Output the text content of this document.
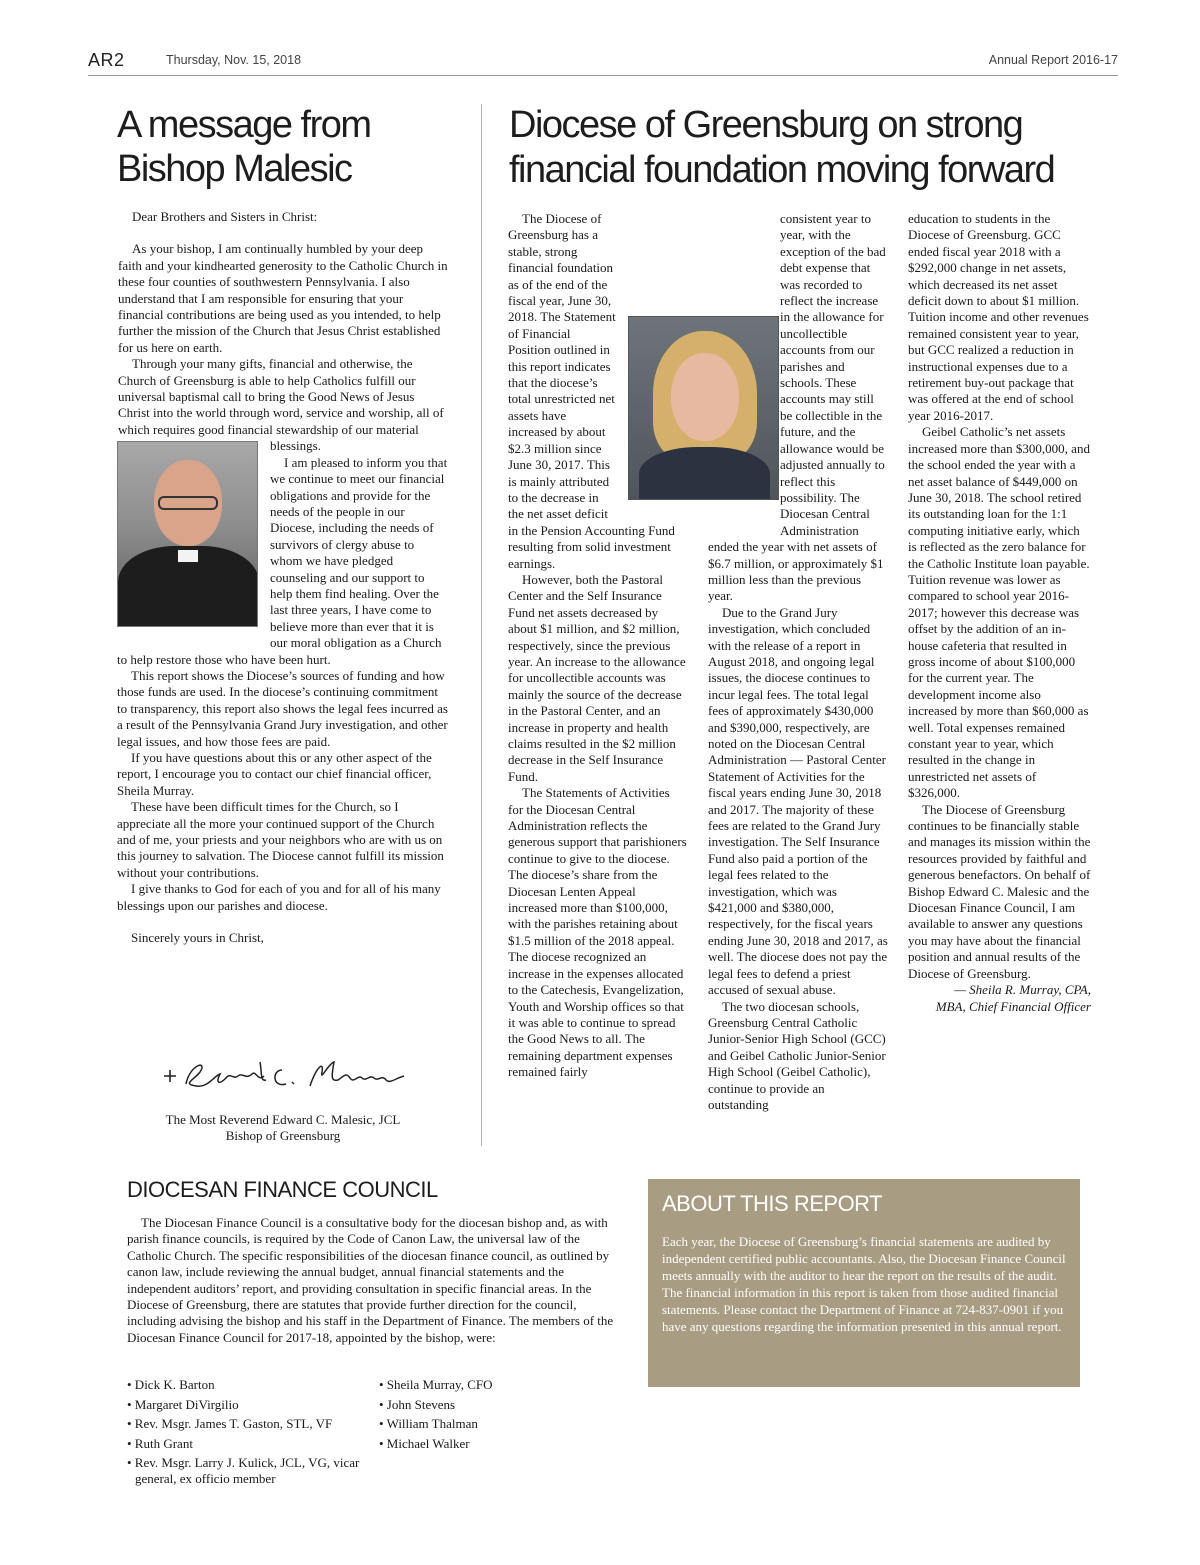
AR2	Thursday, Nov. 15, 2018	Annual Report 2016-17
A message from Bishop Malesic

Dear Brothers and Sisters in Christ:

As your bishop, I am continually humbled by your deep faith and your kindhearted generosity to the Catholic Church in these four counties of southwestern Pennsylvania. I also understand that I am responsible for ensuring that your financial contributions are being used as you intended, to help further the mission of the Church that Jesus Christ established for us here on earth.

Through your many gifts, financial and otherwise, the Church of Greensburg is able to help Catholics fulfill our universal baptismal call to bring the Good News of Jesus Christ into the world through word, service and worship, all of which requires good financial stewardship of our material blessings.

I am pleased to inform you that we continue to meet our financial obligations and provide for the needs of the people in our Diocese, including the needs of survivors of clergy abuse to whom we have pledged counseling and our support to help them find healing. Over the last three years, I have come to believe more than ever that it is our moral obligation as a Church to help restore those who have been hurt.

This report shows the Diocese’s sources of funding and how those funds are used. In the diocese’s continuing commitment to transparency, this report also shows the legal fees incurred as a result of the Pennsylvania Grand Jury investigation, and other legal issues, and how those fees are paid.

If you have questions about this or any other aspect of the report, I encourage you to contact our chief financial officer, Sheila Murray.

These have been difficult times for the Church, so I appreciate all the more your continued support of the Church and of me, your priests and your neighbors who are with us on this journey to salvation. The Diocese cannot fulfill its mission without your contributions.

I give thanks to God for each of you and for all of his many blessings upon our parishes and diocese.

Sincerely yours in Christ,

The Most Reverend Edward C. Malesic, JCL
Bishop of Greensburg
Diocese of Greensburg on strong financial foundation moving forward

The Diocese of Greensburg has a stable, strong financial foundation as of the end of the fiscal year, June 30, 2018. The Statement of Financial Position outlined in this report indicates that the diocese’s total unrestricted net assets have increased by about $2.3 million since June 30, 2017. This is mainly attributed to the decrease in the net asset deficit in the Pension Accounting Fund resulting from solid investment earnings.

However, both the Pastoral Center and the Self Insurance Fund net assets decreased by about $1 million, and $2 million, respectively, since the previous year. An increase to the allowance for uncollectible accounts was mainly the source of the decrease in the Pastoral Center, and an increase in property and health claims resulted in the $2 million decrease in the Self Insurance Fund.

The Statements of Activities for the Diocesan Central Administration reflects the generous support that parishioners continue to give to the diocese. The diocese’s share from the Diocesan Lenten Appeal increased more than $100,000, with the parishes retaining about $1.5 million of the 2018 appeal. The diocese recognized an increase in the expenses allocated to the Catechesis, Evangelization, Youth and Worship offices so that it was able to continue to spread the Good News to all. The remaining department expenses remained fairly

consistent year to year, with the exception of the bad debt expense that was recorded to reflect the increase in the allowance for uncollectible accounts from our parishes and schools. These accounts may still be collectible in the future, and the allowance would be adjusted annually to reflect this possibility. The Diocesan Central Administration ended the year with net assets of $6.7 million, or approximately $1 million less than the previous year.

Due to the Grand Jury investigation, which concluded with the release of a report in August 2018, and ongoing legal issues, the diocese continues to incur legal fees. The total legal fees of approximately $430,000 and $390,000, respectively, are noted on the Diocesan Central Administration — Pastoral Center Statement of Activities for the fiscal years ending June 30, 2018 and 2017. The majority of these fees are related to the Grand Jury investigation. The Self Insurance Fund also paid a portion of the legal fees related to the investigation, which was $421,000 and $380,000, respectively, for the fiscal years ending June 30, 2018 and 2017, as well. The diocese does not pay the legal fees to defend a priest accused of sexual abuse.

The two diocesan schools, Greensburg Central Catholic Junior-Senior High School (GCC) and Geibel Catholic Junior-Senior High School (Geibel Catholic), continue to provide an outstanding

education to students in the Diocese of Greensburg. GCC ended fiscal year 2018 with a $292,000 change in net assets, which decreased its net asset deficit down to about $1 million. Tuition income and other revenues remained consistent year to year, but GCC realized a reduction in instructional expenses due to a retirement buy-out package that was offered at the end of school year 2016-2017.

Geibel Catholic’s net assets increased more than $300,000, and the school ended the year with a net asset balance of $449,000 on June 30, 2018. The school retired its outstanding loan for the 1:1 computing initiative early, which is reflected as the zero balance for the Catholic Institute loan payable. Tuition revenue was lower as compared to school year 2016-2017; however this decrease was offset by the addition of an in-house cafeteria that resulted in gross income of about $100,000 for the current year. The development income also increased by more than $60,000 as well. Total expenses remained constant year to year, which resulted in the change in unrestricted net assets of $326,000.

The Diocese of Greensburg continues to be financially stable and manages its mission within the resources provided by faithful and generous benefactors. On behalf of Bishop Edward C. Malesic and the Diocesan Finance Council, I am available to answer any questions you may have about the financial position and annual results of the Diocese of Greensburg.

— Sheila R. Murray, CPA, MBA, Chief Financial Officer

DIOCESAN FINANCE COUNCIL

The Diocesan Finance Council is a consultative body for the diocesan bishop and, as with parish finance councils, is required by the Code of Canon Law, the universal law of the Catholic Church. The specific responsibilities of the diocesan finance council, as outlined by canon law, include reviewing the annual budget, annual financial statements and the independent auditors’ report, and providing consultation in specific financial areas. In the Diocese of Greensburg, there are statutes that provide further direction for the council, including advising the bishop and his staff in the Department of Finance. The members of the Diocesan Finance Council for 2017-18, appointed by the bishop, were:

• Dick K. Barton
• Margaret DiVirgilio
• Rev. Msgr. James T. Gaston, STL, VF
• Ruth Grant
• Rev. Msgr. Larry J. Kulick, JCL, VG, vicar general, ex officio member
• Sheila Murray, CFO
• John Stevens
• William Thalman
• Michael Walker
ABOUT THIS REPORT

Each year, the Diocese of Greensburg’s financial statements are audited by independent certified public accountants. Also, the Diocesan Finance Council meets annually with the auditor to hear the report on the results of the audit. The financial information in this report is taken from those audited financial statements. Please contact the Department of Finance at 724-837-0901 if you have any questions regarding the information presented in this annual report.
